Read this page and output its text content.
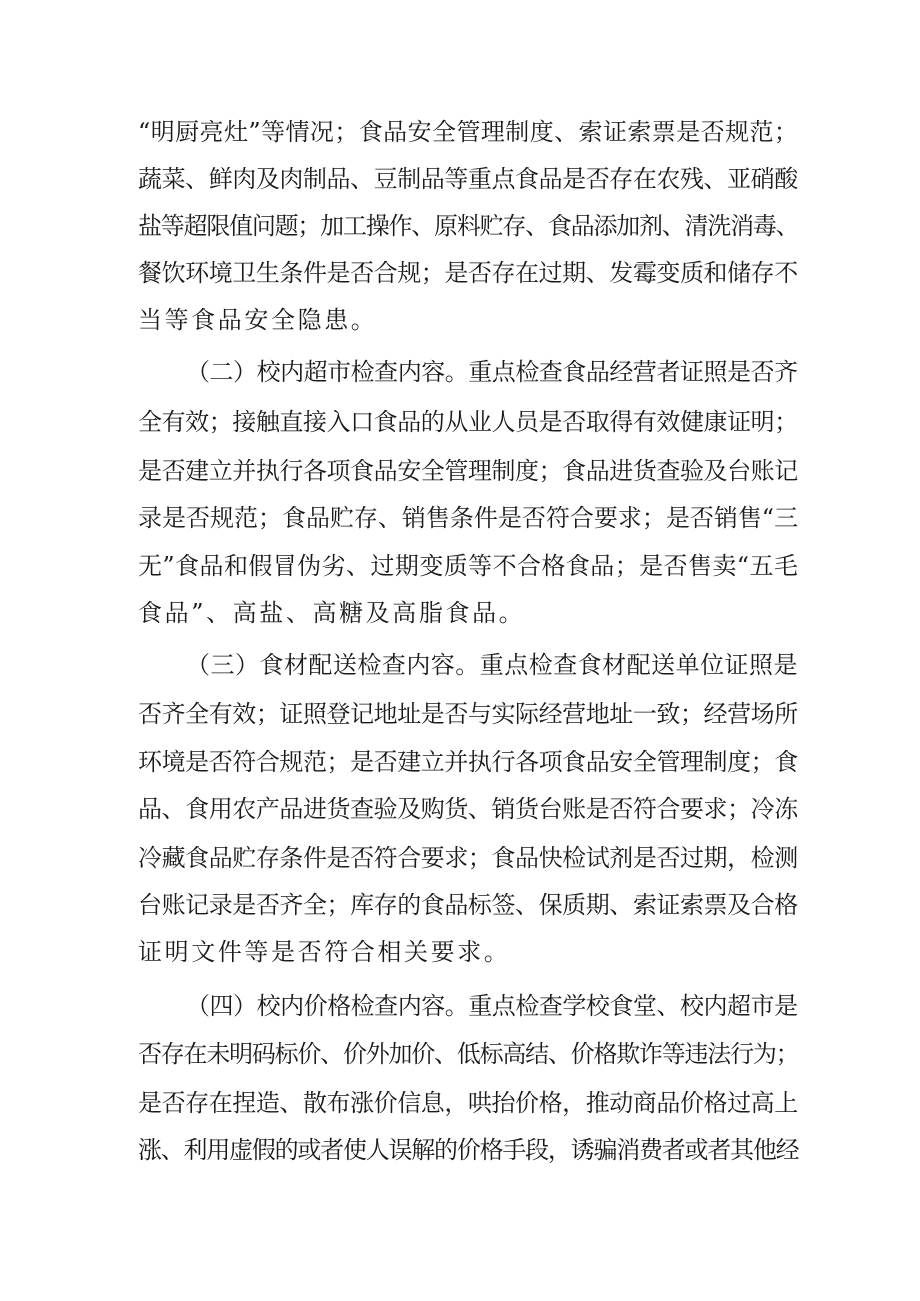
“明厨亮灶”等情况；食品安全管理制度、索证索票是否规范；
蔬菜、鲜肉及肉制品、豆制品等重点食品是否存在农残、亚硝酸
盐等超限值问题；加工操作、原料贮存、食品添加剂、清洗消毒、
餐饮环境卫生条件是否合规；是否存在过期、发霉变质和储存不
当等食品安全隐患。
（二）校内超市检查内容。重点检查食品经营者证照是否齐
全有效；接触直接入口食品的从业人员是否取得有效健康证明；
是否建立并执行各项食品安全管理制度；食品进货查验及台账记
录是否规范；食品贮存、销售条件是否符合要求；是否销售“三
无”食品和假冒伪劣、过期变质等不合格食品；是否售卖“五毛
食品”、高盐、高糖及高脂食品。
（三）食材配送检查内容。重点检查食材配送单位证照是
否齐全有效；证照登记地址是否与实际经营地址一致；经营场所
环境是否符合规范；是否建立并执行各项食品安全管理制度；食
品、食用农产品进货查验及购货、销货台账是否符合要求；冷冻
冷藏食品贮存条件是否符合要求；食品快检试剂是否过期，检测
台账记录是否齐全；库存的食品标签、保质期、索证索票及合格
证明文件等是否符合相关要求。
（四）校内价格检查内容。重点检查学校食堂、校内超市是
否存在未明码标价、价外加价、低标高结、价格欺诈等违法行为；
是否存在捏造、散布涨价信息，哄抬价格，推动商品价格过高上
涨、利用虚假的或者使人误解的价格手段，诱骗消费者或者其他经
